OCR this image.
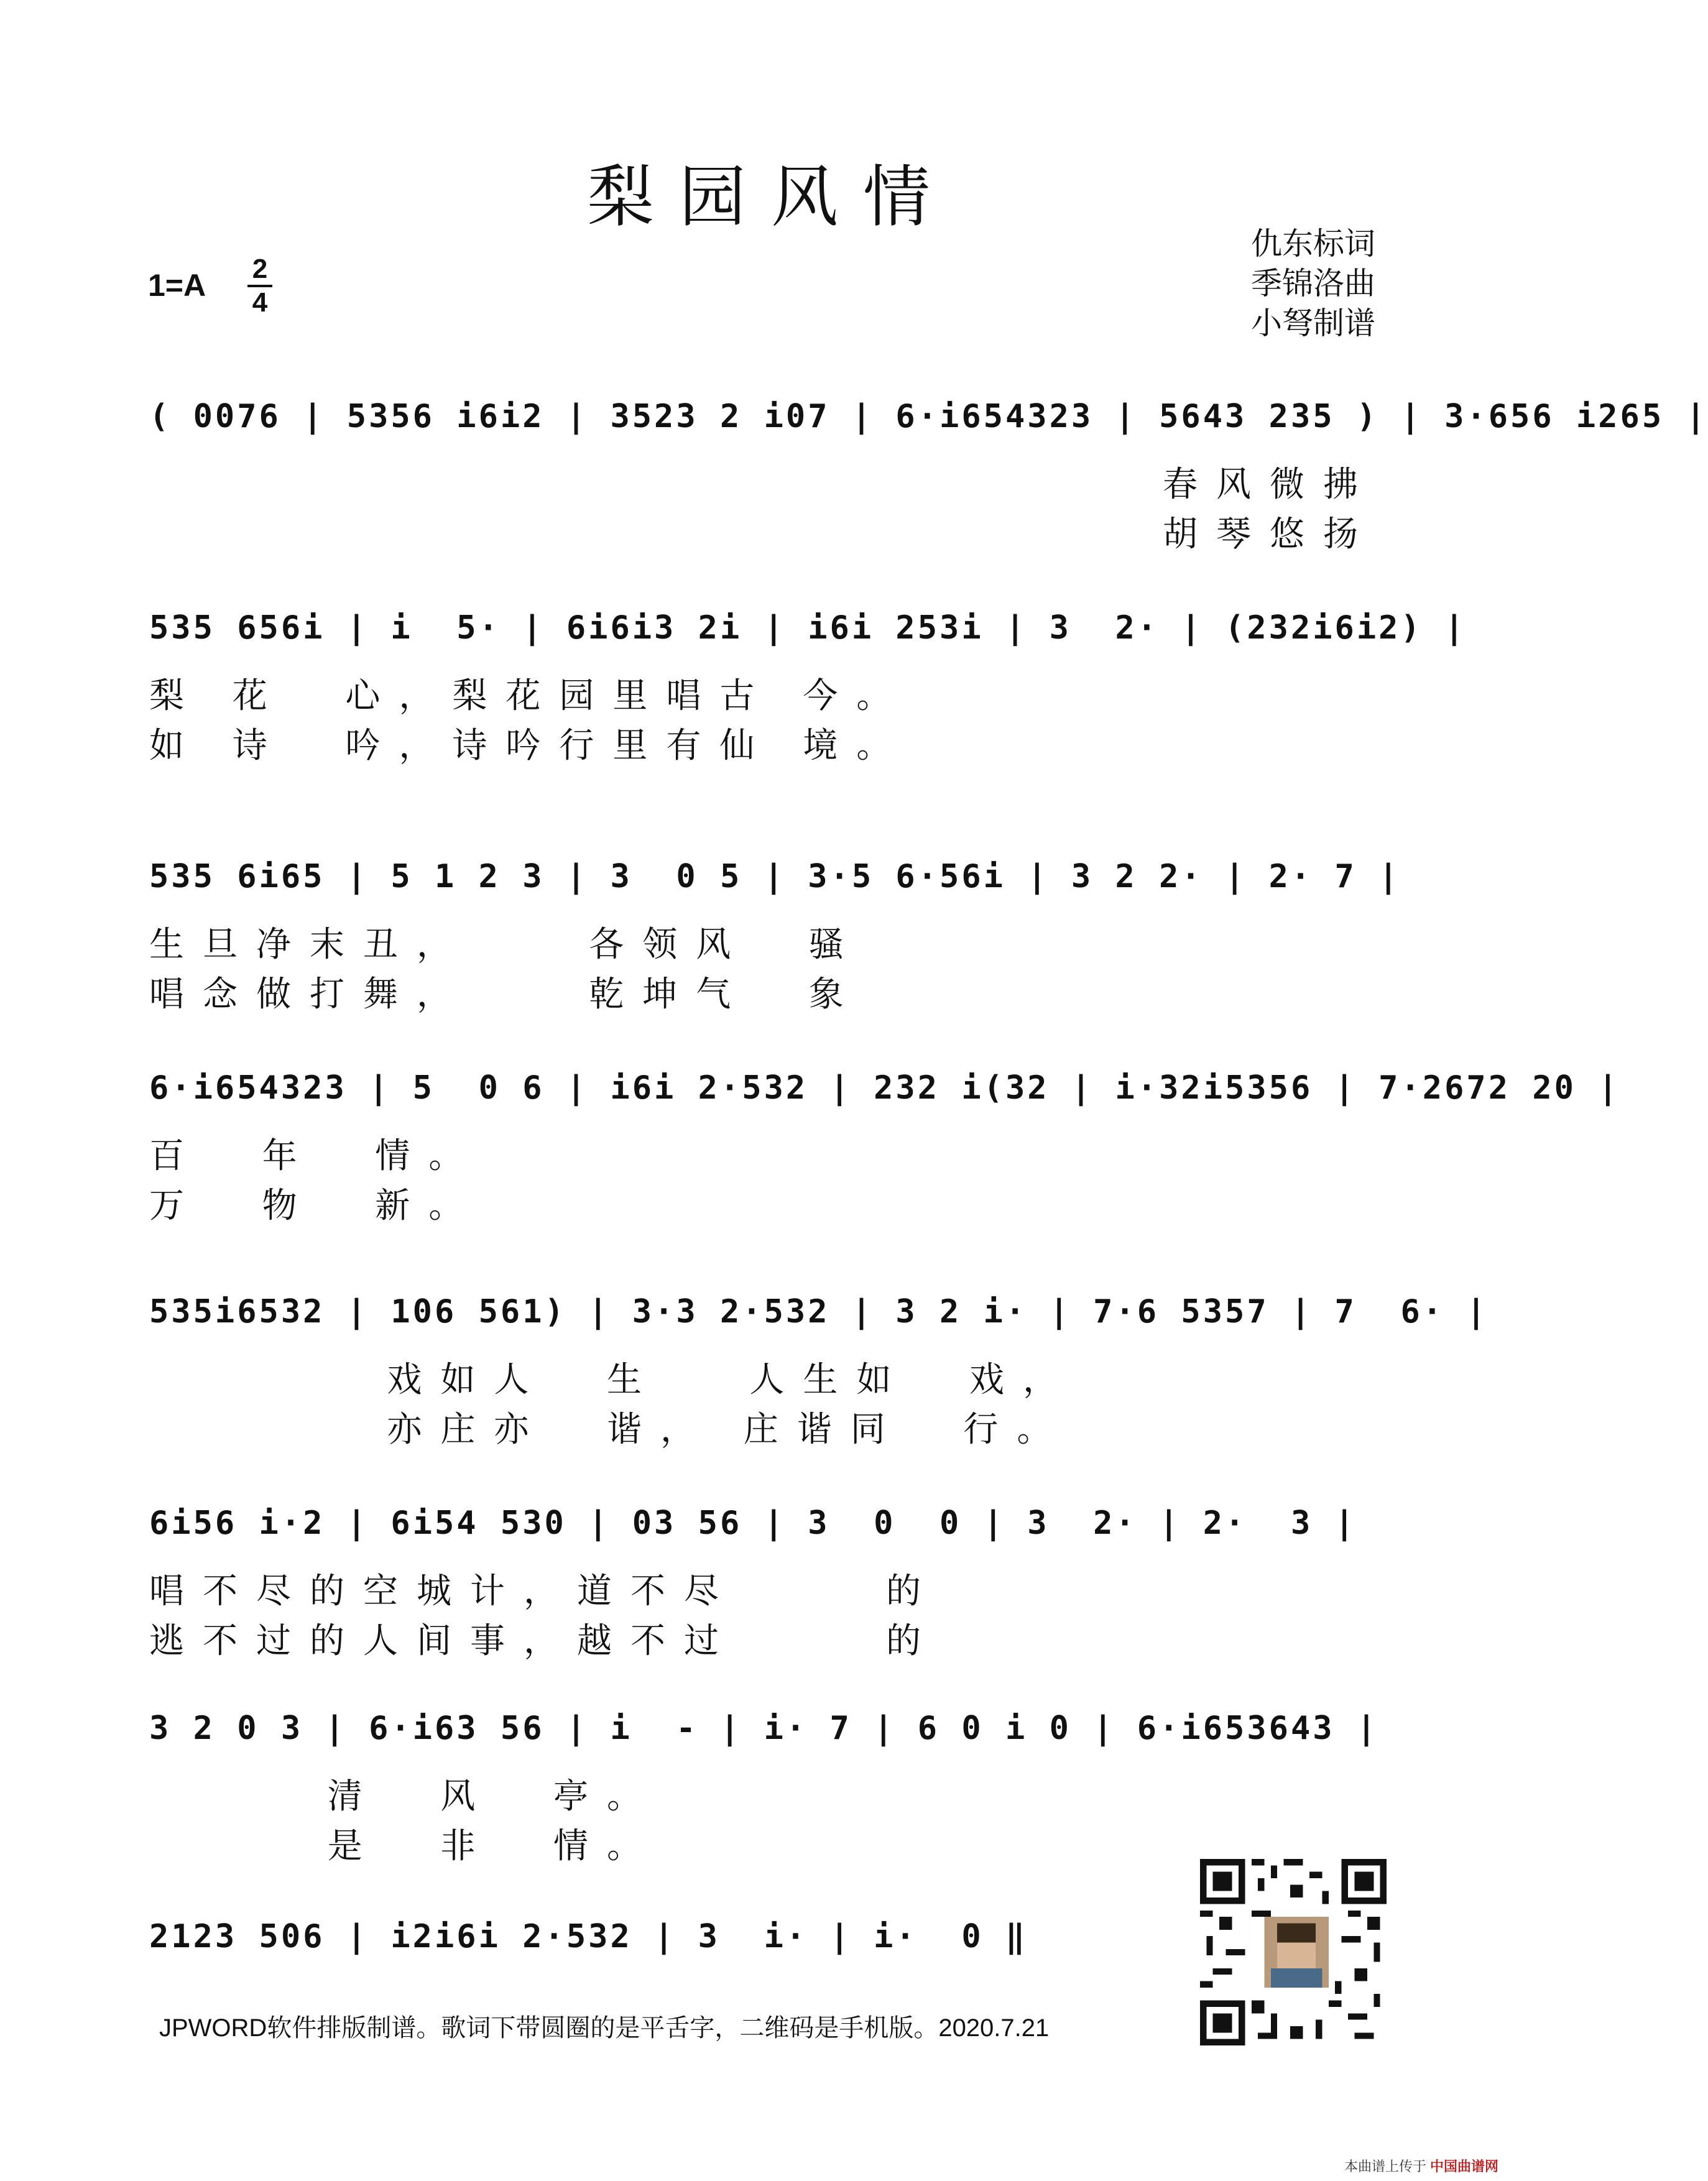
梨园风情
1=A 2
4
仇东标词
季锦洛曲
小弩制谱
( 0076 | 5356 i6i2 | 3523 2 i07 | 6·i654323 | 5643 235 ) | 3·656 i265 |
春风微拂
胡琴悠扬
535 656i | i  5· | 6i6i3 2i | i6i 253i | 3  2· | (232i6i2) |
梨 花  心，梨花园里唱古 今。
如 诗  吟，诗吟行里有仙 境。
535 6i65 | 5 1 2 3 | 3  0 5 | 3·5 6·56i | 3 2 2· | 2· 7 |
生旦净末丑，    各领风  骚
唱念做打舞，    乾坤气  象
6·i654323 | 5  0 6 | i6i 2·532 | 232 i(32 | i·32i5356 | 7·2672 20 |
百  年  情。
万  物  新。
535i6532 | 106 561) | 3·3 2·532 | 3 2 i· | 7·6 5357 | 7  6· |
戏如人  生   人生如  戏，
亦庄亦  谐， 庄谐同  行。
6i56 i·2 | 6i54 530 | 03 56 | 3  0  0 | 3  2· | 2·  3 |
唱不尽的空城计，道不尽     的
逃不过的人间事，越不过     的
3 2 0 3 | 6·i63 56 | i  - | i· 7 | 6 0 i 0 | 6·i653643 |
清  风  亭。
是  非  情。
2123 506 | i2i6i 2·532 | 3  i· | i·  0 ‖
JPWORD软件排版制谱。歌词下带圆圈的是平舌字，二维码是手机版。2020.7.21
本曲谱上传于 中国曲谱网
